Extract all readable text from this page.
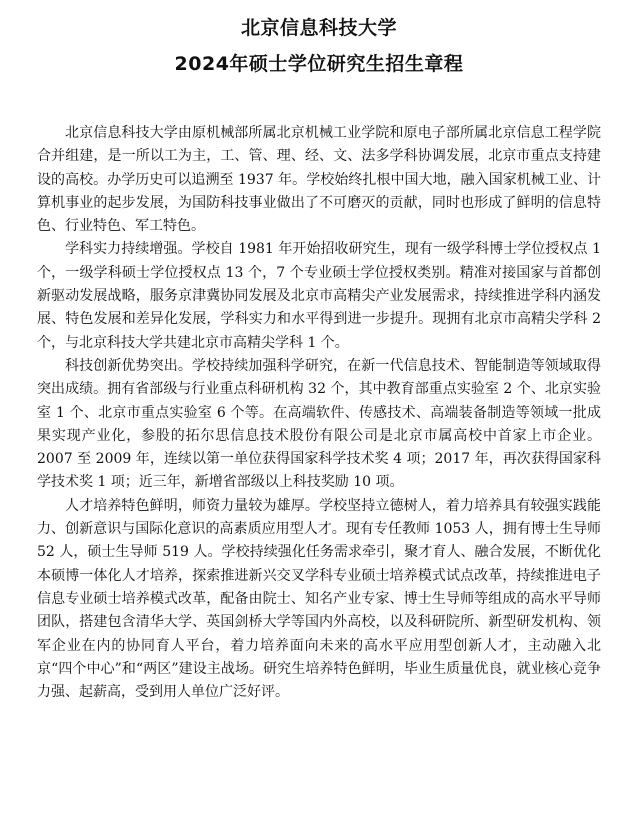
北京信息科技大学
2024年硕士学位研究生招生章程

北京信息科技大学由原机械部所属北京机械工业学院和原电子部所属北京信息工程学院合并组建，是一所以工为主，工、管、理、经、文、法多学科协调发展，北京市重点支持建设的高校。办学历史可以追溯至 1937 年。学校始终扎根中国大地，融入国家机械工业、计算机事业的起步发展，为国防科技事业做出了不可磨灭的贡献，同时也形成了鲜明的信息特色、行业特色、军工特色。

学科实力持续增强。学校自 1981 年开始招收研究生，现有一级学科博士学位授权点 1 个，一级学科硕士学位授权点 13 个，7 个专业硕士学位授权类别。精准对接国家与首都创新驱动发展战略，服务京津冀协同发展及北京市高精尖产业发展需求，持续推进学科内涵发展、特色发展和差异化发展，学科实力和水平得到进一步提升。现拥有北京市高精尖学科 2 个，与北京科技大学共建北京市高精尖学科 1 个。

科技创新优势突出。学校持续加强科学研究，在新一代信息技术、智能制造等领域取得突出成绩。拥有省部级与行业重点科研机构 32 个，其中教育部重点实验室 2 个、北京实验室 1 个、北京市重点实验室 6 个等。在高端软件、传感技术、高端装备制造等领域一批成果实现产业化，参股的拓尔思信息技术股份有限公司是北京市属高校中首家上市企业。2007 至 2009 年，连续以第一单位获得国家科学技术奖 4 项；2017 年，再次获得国家科学技术奖 1 项；近三年，新增省部级以上科技奖励 10 项。

人才培养特色鲜明，师资力量较为雄厚。学校坚持立德树人，着力培养具有较强实践能力、创新意识与国际化意识的高素质应用型人才。现有专任教师 1053 人，拥有博士生导师 52 人，硕士生导师 519 人。学校持续强化任务需求牵引，聚才育人、融合发展，不断优化本硕博一体化人才培养，探索推进新兴交叉学科专业硕士培养模式试点改革，持续推进电子信息专业硕士培养模式改革，配备由院士、知名产业专家、博士生导师等组成的高水平导师团队，搭建包含清华大学、英国剑桥大学等国内外高校，以及科研院所、新型研发机构、领军企业在内的协同育人平台，着力培养面向未来的高水平应用型创新人才，主动融入北京“四个中心”和“两区”建设主战场。研究生培养特色鲜明，毕业生质量优良，就业核心竞争力强、起薪高，受到用人单位广泛好评。
